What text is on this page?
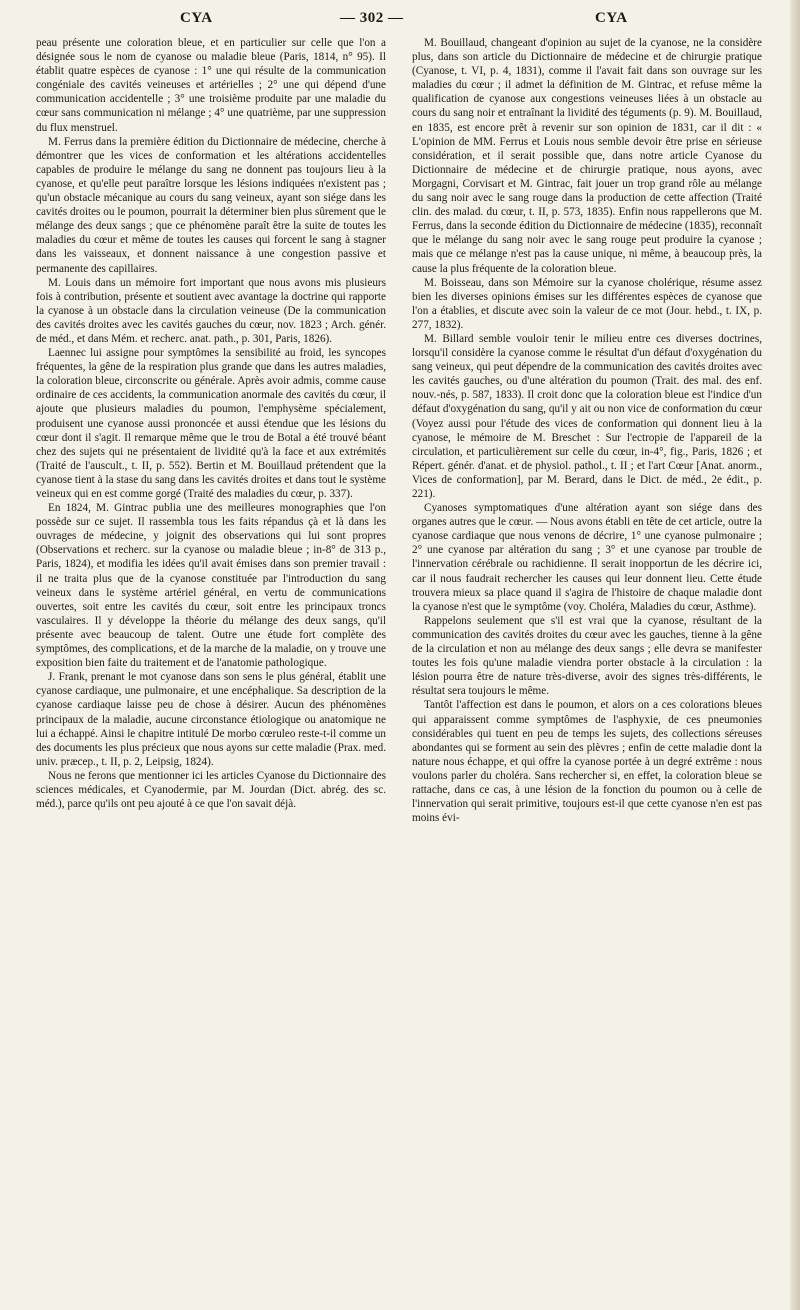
CYA	— 302 —	CYA

peau présente une coloration bleue, et en particulier sur celle que l'on a désignée sous le nom de cyanose ou maladie bleue (Paris, 1814, n° 95). Il établit quatre espèces de cyanose : 1° une qui résulte de la communication congéniale des cavités veineuses et artérielles ; 2° une qui dépend d'une communication accidentelle ; 3° une troisième produite par une maladie du cœur sans communication ni mélange ; 4° une quatrième, par une suppression du flux menstruel.

M. Ferrus dans la première édition du Dictionnaire de médecine, cherche à démontrer que les vices de conformation et les altérations accidentelles capables de produire le mélange du sang ne donnent pas toujours lieu à la cyanose, et qu'elle peut paraître lorsque les lésions indiquées n'existent pas ; qu'un obstacle mécanique au cours du sang veineux, ayant son siége dans les cavités droites ou le poumon, pourrait la déterminer bien plus sûrement que le mélange des deux sangs ; que ce phénomène paraît être la suite de toutes les maladies du cœur et même de toutes les causes qui forcent le sang à stagner dans les vaisseaux, et donnent naissance à une congestion passive et permanente des capillaires.

M. Louis dans un mémoire fort important que nous avons mis plusieurs fois à contribution, présente et soutient avec avantage la doctrine qui rapporte la cyanose à un obstacle dans la circulation veineuse (De la communication des cavités droites avec les cavités gauches du cœur, nov. 1823 ; Arch. génér. de méd., et dans Mém. et recherc. anat. path., p. 301, Paris, 1826).

Laennec lui assigne pour symptômes la sensibilité au froid, les syncopes fréquentes, la gêne de la respiration plus grande que dans les autres maladies, la coloration bleue, circonscrite ou générale. Après avoir admis, comme cause ordinaire de ces accidents, la communication anormale des cavités du cœur, il ajoute que plusieurs maladies du poumon, l'emphysème spécialement, produisent une cyanose aussi prononcée et aussi étendue que les lésions du cœur dont il s'agit. Il remarque même que le trou de Botal a été trouvé béant chez des sujets qui ne présentaient de lividité qu'à la face et aux extrémités (Traité de l'auscult., t. II, p. 552). Bertin et M. Bouillaud prétendent que la cyanose tient à la stase du sang dans les cavités droites et dans tout le système veineux qui en est comme gorgé (Traité des maladies du cœur, p. 337).

En 1824, M. Gintrac publia une des meilleures monographies que l'on possède sur ce sujet. Il rassembla tous les faits répandus çà et là dans les ouvrages de médecine, y joignit des observations qui lui sont propres (Observations et recherc. sur la cyanose ou maladie bleue ; in-8° de 313 p., Paris, 1824), et modifia les idées qu'il avait émises dans son premier travail : il ne traita plus que de la cyanose constituée par l'introduction du sang veineux dans le système artériel général, en vertu de communications ouvertes, soit entre les cavités du cœur, soit entre les principaux troncs vasculaires. Il y développe la théorie du mélange des deux sangs, qu'il présente avec beaucoup de talent. Outre une étude fort complète des symptômes, des complications, et de la marche de la maladie, on y trouve une exposition bien faite du traitement et de l'anatomie pathologique.

J. Frank, prenant le mot cyanose dans son sens le plus général, établit une cyanose cardiaque, une pulmonaire, et une encéphalique. Sa description de la cyanose cardiaque laisse peu de chose à désirer. Aucun des phénomènes principaux de la maladie, aucune circonstance étiologique ou anatomique ne lui a échappé. Ainsi le chapitre intitulé De morbo cœruleo reste-t-il comme un des documents les plus précieux que nous ayons sur cette maladie (Prax. med. univ. præcep., t. II, p. 2, Leipsig, 1824).

Nous ne ferons que mentionner ici les articles Cyanose du Dictionnaire des sciences médicales, et Cyanodermie, par M. Jourdan (Dict. abrég. des sc. méd.), parce qu'ils ont peu ajouté à ce que l'on savait déjà.

M. Bouillaud, changeant d'opinion au sujet de la cyanose, ne la considère plus, dans son article du Dictionnaire de médecine et de chirurgie pratique (Cyanose, t. VI, p. 4, 1831), comme il l'avait fait dans son ouvrage sur les maladies du cœur ; il admet la définition de M. Gintrac, et refuse même la qualification de cyanose aux congestions veineuses liées à un obstacle au cours du sang noir et entraînant la lividité des téguments (p. 9). M. Bouillaud, en 1835, est encore prêt à revenir sur son opinion de 1831, car il dit : « L'opinion de MM. Ferrus et Louis nous semble devoir être prise en sérieuse considération, et il serait possible que, dans notre article Cyanose du Dictionnaire de médecine et de chirurgie pratique, nous ayons, avec Morgagni, Corvisart et M. Gintrac, fait jouer un trop grand rôle au mélange du sang noir avec le sang rouge dans la production de cette affection (Traité clin. des malad. du cœur, t. II, p. 573, 1835). Enfin nous rappellerons que M. Ferrus, dans la seconde édition du Dictionnaire de médecine (1835), reconnaît que le mélange du sang noir avec le sang rouge peut produire la cyanose ; mais que ce mélange n'est pas la cause unique, ni même, à beaucoup près, la cause la plus fréquente de la coloration bleue.

M. Boisseau, dans son Mémoire sur la cyanose cholérique, résume assez bien les diverses opinions émises sur les différentes espèces de cyanose que l'on a établies, et discute avec soin la valeur de ce mot (Jour. hebd., t. IX, p. 277, 1832).

M. Billard semble vouloir tenir le milieu entre ces diverses doctrines, lorsqu'il considère la cyanose comme le résultat d'un défaut d'oxygénation du sang veineux, qui peut dépendre de la communication des cavités droites avec les cavités gauches, ou d'une altération du poumon (Trait. des mal. des enf. nouv.-nés, p. 587, 1833). Il croit donc que la coloration bleue est l'indice d'un défaut d'oxygénation du sang, qu'il y ait ou non vice de conformation du cœur (Voyez aussi pour l'étude des vices de conformation qui donnent lieu à la cyanose, le mémoire de M. Breschet : Sur l'ectropie de l'appareil de la circulation, et particulièrement sur celle du cœur, in-4°, fig., Paris, 1826 ; et Répert. génér. d'anat. et de physiol. pathol., t. II ; et l'art Cœur [Anat. anorm., Vices de conformation], par M. Berard, dans le Dict. de méd., 2e édit., p. 221).

Cyanoses symptomatiques d'une altération ayant son siége dans des organes autres que le cœur. — Nous avons établi en tête de cet article, outre la cyanose cardiaque que nous venons de décrire, 1° une cyanose pulmonaire ; 2° une cyanose par altération du sang ; 3° et une cyanose par trouble de l'innervation cérébrale ou rachidienne. Il serait inopportun de les décrire ici, car il nous faudrait rechercher les causes qui leur donnent lieu. Cette étude trouvera mieux sa place quand il s'agira de l'histoire de chaque maladie dont la cyanose n'est que le symptôme (voy. Choléra, Maladies du cœur, Asthme).

Rappelons seulement que s'il est vrai que la cyanose, résultant de la communication des cavités droites du cœur avec les gauches, tienne à la gêne de la circulation et non au mélange des deux sangs ; elle devra se manifester toutes les fois qu'une maladie viendra porter obstacle à la circulation : la lésion pourra être de nature très-diverse, avoir des signes très-différents, le résultat sera toujours le même.

Tantôt l'affection est dans le poumon, et alors on a ces colorations bleues qui apparaissent comme symptômes de l'asphyxie, de ces pneumonies considérables qui tuent en peu de temps les sujets, des collections séreuses abondantes qui se forment au sein des plèvres ; enfin de cette maladie dont la nature nous échappe, et qui offre la cyanose portée à un degré extrême : nous voulons parler du choléra. Sans rechercher si, en effet, la coloration bleue se rattache, dans ce cas, à une lésion de la fonction du poumon ou à celle de l'innervation qui serait primitive, toujours est-il que cette cyanose n'en est pas moins évi-
